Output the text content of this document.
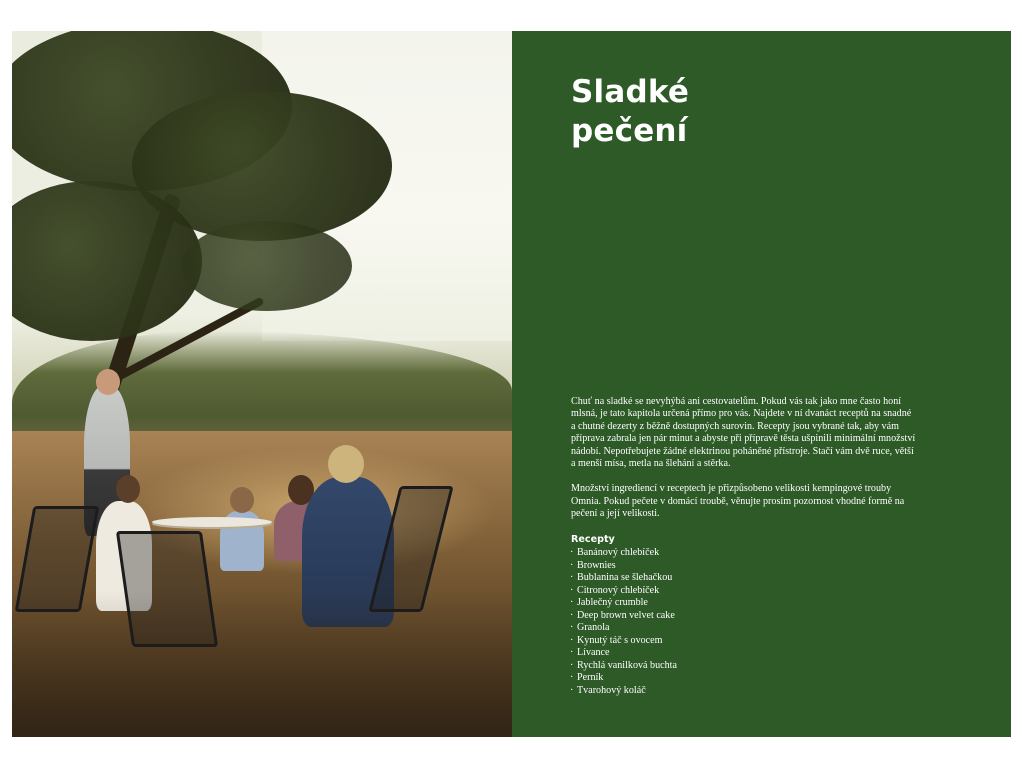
Sladké
pečení

Chuť na sladké se nevyhýbá ani cestovatelům. Pokud vás tak jako mne často honí mlsná, je tato kapitola určená přímo pro vás. Najdete v ní dvanáct receptů na snadné a chutné dezerty z běžně dostupných surovin. Recepty jsou vybrané tak, aby vám příprava zabrala jen pár minut a abyste při přípravě těsta ušpinili minimální množství nádobí. Nepotřebujete žádné elektrinou poháněné přístroje. Stačí vám dvě ruce, větší a menší mísa, metla na šlehání a stěrka.

Množství ingrediencí v receptech je přizpůsobeno velikosti kempingové trouby Omnia. Pokud pečete v domácí troubě, věnujte prosím pozornost vhodné formě na pečení a její velikosti.

Recepty
· Banánový chlebíček
· Brownies
· Bublanina se šlehačkou
· Citronový chlebíček
· Jablečný crumble
· Deep brown velvet cake
· Granola
· Kynutý táč s ovocem
· Lívance
· Rychlá vanilková buchta
· Perník
· Tvarohový koláč
